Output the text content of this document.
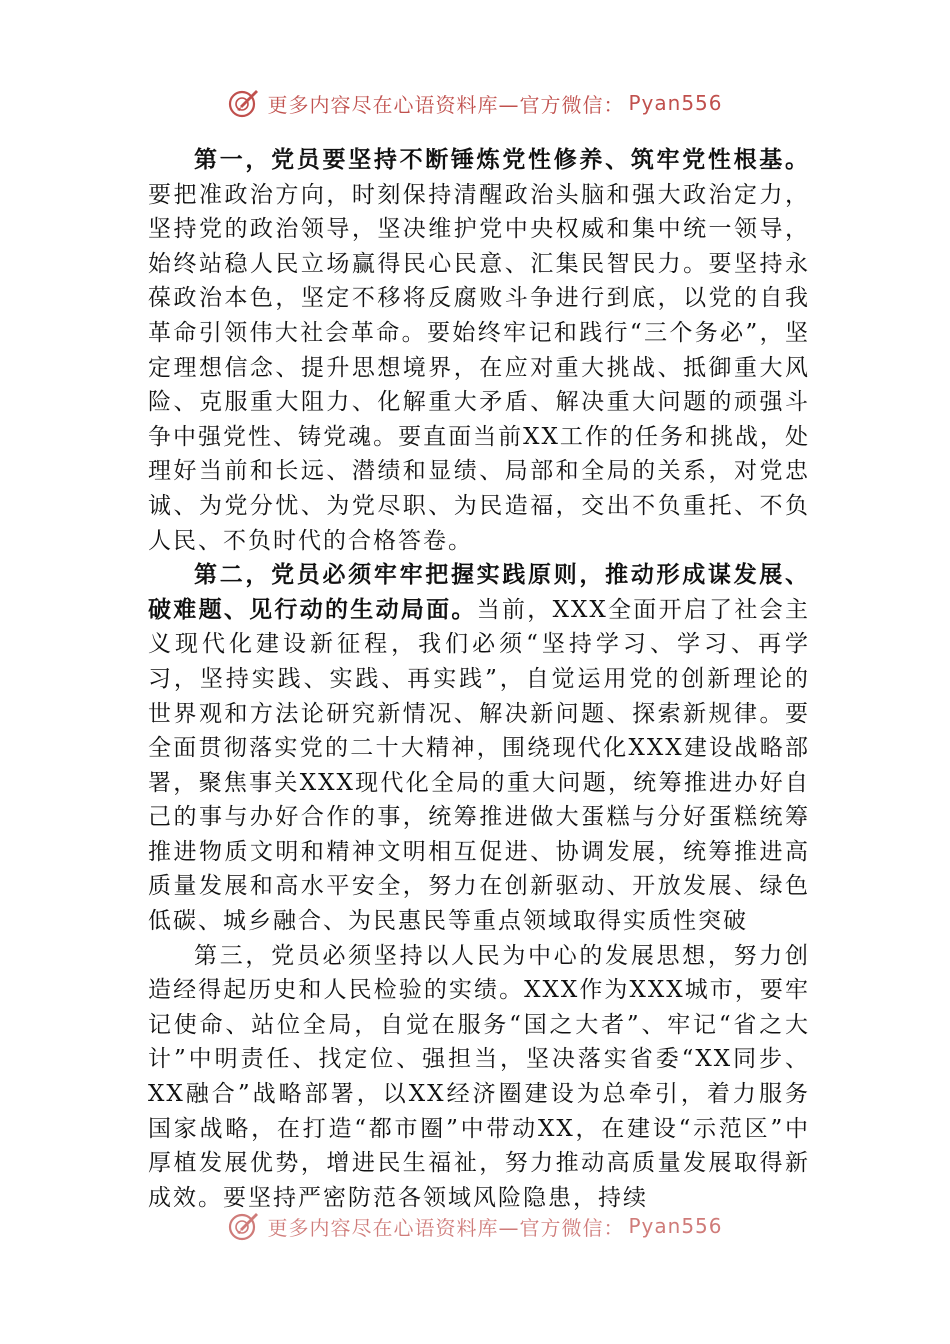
更多内容尽在心语资料库—官方微信： Pyan556

第一，党员要坚持不断锤炼党性修养、筑牢党性根基。要把准政治方向，时刻保持清醒政治头脑和强大政治定力，坚持党的政治领导，坚决维护党中央权威和集中统一领导，始终站稳人民立场赢得民心民意、汇集民智民力。要坚持永葆政治本色，坚定不移将反腐败斗争进行到底，以党的自我革命引领伟大社会革命。要始终牢记和践行“三个务必”，坚定理想信念、提升思想境界，在应对重大挑战、抵御重大风险、克服重大阻力、化解重大矛盾、解决重大问题的顽强斗争中强党性、铸党魂。要直面当前XX工作的任务和挑战，处理好当前和长远、潜绩和显绩、局部和全局的关系，对党忠诚、为党分忧、为党尽职、为民造福，交出不负重托、不负人民、不负时代的合格答卷。

第二，党员必须牢牢把握实践原则，推动形成谋发展、破难题、见行动的生动局面。当前，XXX全面开启了社会主义现代化建设新征程，我们必须“坚持学习、学习、再学习，坚持实践、实践、再实践”，自觉运用党的创新理论的世界观和方法论研究新情况、解决新问题、探索新规律。要全面贯彻落实党的二十大精神，围绕现代化XXX建设战略部署，聚焦事关XXX现代化全局的重大问题，统筹推进办好自己的事与办好合作的事，统筹推进做大蛋糕与分好蛋糕统筹推进物质文明和精神文明相互促进、协调发展，统筹推进高质量发展和高水平安全，努力在创新驱动、开放发展、绿色低碳、城乡融合、为民惠民等重点领域取得实质性突破

第三，党员必须坚持以人民为中心的发展思想，努力创造经得起历史和人民检验的实绩。XXX作为XXX城市，要牢记使命、站位全局，自觉在服务“国之大者”、牢记“省之大计”中明责任、找定位、强担当，坚决落实省委“XX同步、XX融合”战略部署，以XX经济圈建设为总牵引，着力服务国家战略，在打造“都市圈”中带动XX，在建设“示范区”中厚植发展优势，增进民生福祉，努力推动高质量发展取得新成效。要坚持严密防范各领域风险隐患，持续

更多内容尽在心语资料库—官方微信： Pyan556
